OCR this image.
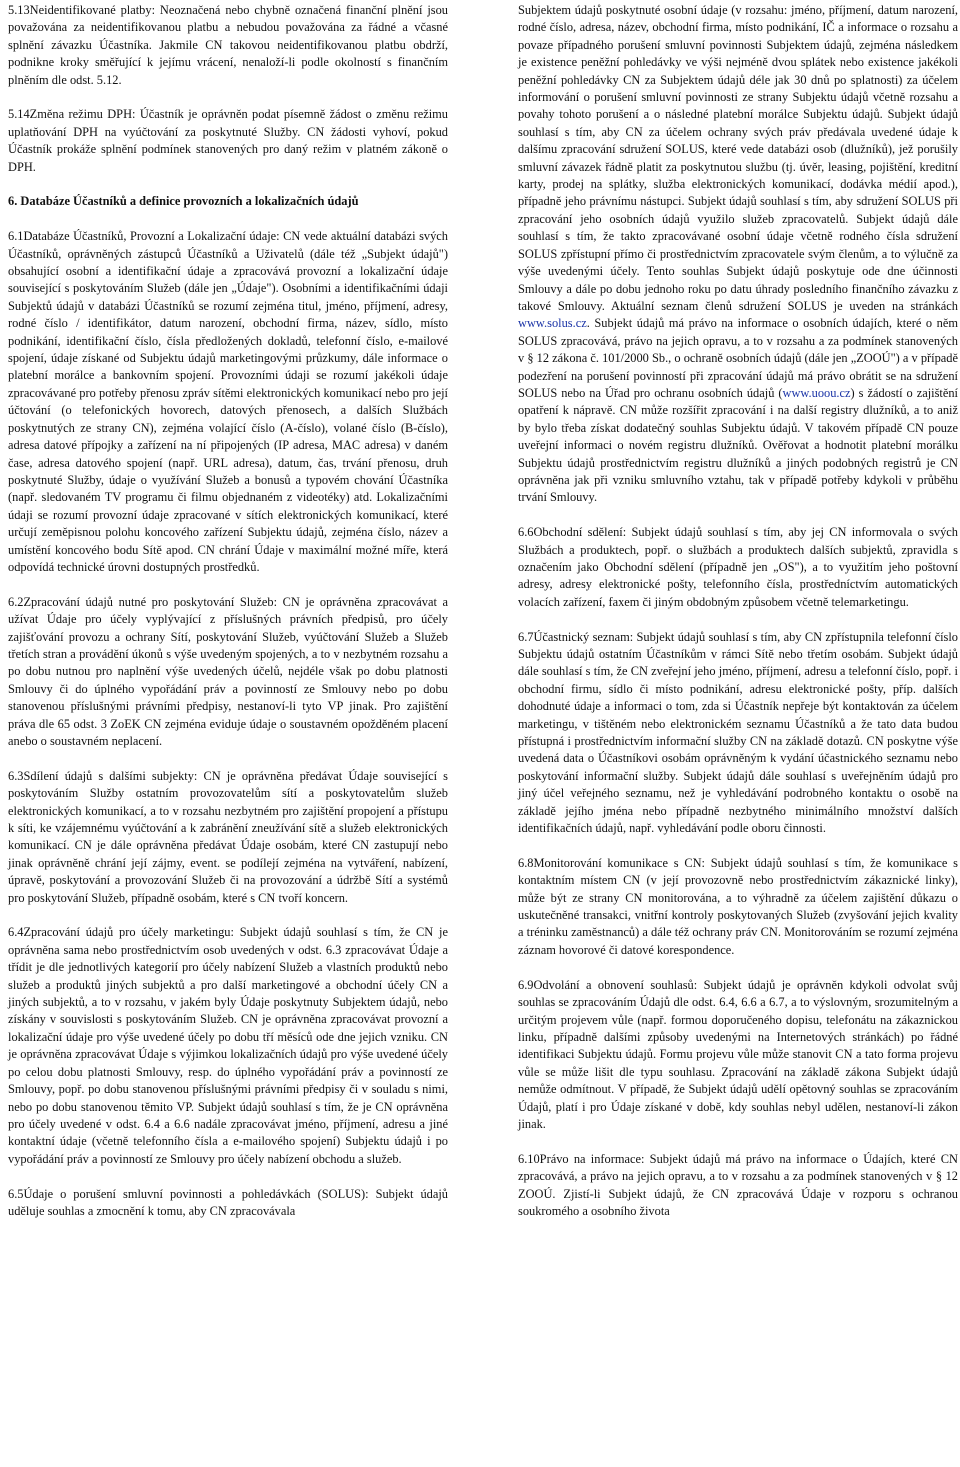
5.13Neidentifikované platby: Neoznačená nebo chybně označená finanční plnění jsou považována za neidentifikovanou platbu a nebudou považována za řádné a včasné splnění závazku Účastníka. Jakmile CN takovou neidentifikovanou platbu obdrží, podnikne kroky směřující k jejímu vrácení, nenaloží-li podle okolností s finančním plněním dle odst. 5.12.

5.14Změna režimu DPH: Účastník je oprávněn podat písemně žádost o změnu režimu uplatňování DPH na vyúčtování za poskytnuté Služby. CN žádosti vyhoví, pokud Účastník prokáže splnění podmínek stanovených pro daný režim v platném zákoně o DPH.

6. Databáze Účastníků a definice provozních a lokalizačních údajů

6.1Databáze Účastníků, Provozní a Lokalizační údaje: CN vede aktuální databázi svých Účastníků, oprávněných zástupců Účastníků a Uživatelů (dále též „Subjekt údajů") obsahující osobní a identifikační údaje a zpracovává provozní a lokalizační údaje související s poskytováním Služeb (dále jen „Údaje"). Osobními a identifikačními údaji Subjektů údajů v databázi Účastníků se rozumí zejména titul, jméno, příjmení, adresy, rodné číslo / identifikátor, datum narození, obchodní firma, název, sídlo, místo podnikání, identifikační číslo, čísla předložených dokladů, telefonní číslo, e-mailové spojení, údaje získané od Subjektu údajů marketingovými průzkumy, dále informace o platební morálce a bankovním spojení. Provozními údaji se rozumí jakékoli údaje zpracovávané pro potřeby přenosu zpráv sítěmi elektronických komunikací nebo pro její účtování (o telefonických hovorech, datových přenosech, a dalších Službách poskytnutých ze strany CN), zejména volající číslo (A-číslo), volané číslo (B-číslo), adresa datové přípojky a zařízení na ní připojených (IP adresa, MAC adresa) v daném čase, adresa datového spojení (např. URL adresa), datum, čas, trvání přenosu, druh poskytnuté Služby, údaje o využívání Služeb a bonusů a typovém chování Účastníka (např. sledovaném TV programu či filmu objednaném z videotéky) atd. Lokalizačními údaji se rozumí provozní údaje zpracované v sítích elektronických komunikací, které určují zeměpisnou polohu koncového zařízení Subjektu údajů, zejména číslo, název a umístění koncového bodu Sítě apod. CN chrání Údaje v maximální možné míře, která odpovídá technické úrovni dostupných prostředků.

6.2Zpracování údajů nutné pro poskytování Služeb: CN je oprávněna zpracovávat a užívat Údaje pro účely vyplývající z příslušných právních předpisů, pro účely zajišťování provozu a ochrany Sítí, poskytování Služeb, vyúčtování Služeb a Služeb třetích stran a provádění úkonů s výše uvedeným spojených, a to v nezbytném rozsahu a po dobu nutnou pro naplnění výše uvedených účelů, nejdéle však po dobu platnosti Smlouvy či do úplného vypořádání práv a povinností ze Smlouvy nebo po dobu stanovenou příslušnými právními předpisy, nestanoví-li tyto VP jinak. Pro zajištění práva dle 65 odst. 3 ZoEK CN zejména eviduje údaje o soustavném opožděném placení anebo o soustavném neplacení.

6.3Sdílení údajů s dalšími subjekty: CN je oprávněna předávat Údaje související s poskytováním Služby ostatním provozovatelům sítí a poskytovatelům služeb elektronických komunikací, a to v rozsahu nezbytném pro zajištění propojení a přístupu k síti, ke vzájemnému vyúčtování a k zabránění zneužívání sítě a služeb elektronických komunikací. CN je dále oprávněna předávat Údaje osobám, které CN zastupují nebo jinak oprávněně chrání její zájmy, event. se podílejí zejména na vytváření, nabízení, úpravě, poskytování a provozování Služeb či na provozování a údržbě Sítí a systémů pro poskytování Služeb, případně osobám, které s CN tvoří koncern.

6.4Zpracování údajů pro účely marketingu: Subjekt údajů souhlasí s tím, že CN je oprávněna sama nebo prostřednictvím osob uvedených v odst. 6.3 zpracovávat Údaje a třídit je dle jednotlivých kategorií pro účely nabízení Služeb a vlastních produktů nebo služeb a produktů jiných subjektů a pro další marketingové a obchodní účely CN a jiných subjektů, a to v rozsahu, v jakém byly Údaje poskytnuty Subjektem údajů, nebo získány v souvislosti s poskytováním Služeb. CN je oprávněna zpracovávat provozní a lokalizační údaje pro výše uvedené účely po dobu tří měsíců ode dne jejich vzniku. CN je oprávněna zpracovávat Údaje s výjimkou lokalizačních údajů pro výše uvedené účely po celou dobu platnosti Smlouvy, resp. do úplného vypořádání práv a povinností ze Smlouvy, popř. po dobu stanovenou příslušnými právními předpisy či v souladu s nimi, nebo po dobu stanovenou těmito VP. Subjekt údajů souhlasí s tím, že je CN oprávněna pro účely uvedené v odst. 6.4 a 6.6 nadále zpracovávat jméno, příjmení, adresu a jiné kontaktní údaje (včetně telefonního čísla a e-mailového spojení) Subjektu údajů i po vypořádání práv a povinností ze Smlouvy pro účely nabízení obchodu a služeb.

6.5Údaje o porušení smluvní povinnosti a pohledávkách (SOLUS): Subjekt údajů uděluje souhlas a zmocnění k tomu, aby CN zpracovávala

Subjektem údajů poskytnuté osobní údaje (v rozsahu: jméno, příjmení, datum narození, rodné číslo, adresa, název, obchodní firma, místo podnikání, IČ a informace o rozsahu a povaze případného porušení smluvní povinnosti Subjektem údajů, zejména následkem je existence peněžní pohledávky ve výši nejméně dvou splátek nebo existence jakékoli peněžní pohledávky CN za Subjektem údajů déle jak 30 dnů po splatnosti) za účelem informování o porušení smluvní povinnosti ze strany Subjektu údajů včetně rozsahu a povahy tohoto porušení a o následné platební morálce Subjektu údajů. Subjekt údajů souhlasí s tím, aby CN za účelem ochrany svých práv předávala uvedené údaje k dalšímu zpracování sdružení SOLUS, které vede databázi osob (dlužníků), jež porušily smluvní závazek řádně platit za poskytnutou službu (tj. úvěr, leasing, pojištění, kreditní karty, prodej na splátky, služba elektronických komunikací, dodávka médií apod.), případně jeho právnímu nástupci. Subjekt údajů souhlasí s tím, aby sdružení SOLUS při zpracování jeho osobních údajů využilo služeb zpracovatelů. Subjekt údajů dále souhlasí s tím, že takto zpracovávané osobní údaje včetně rodného čísla sdružení SOLUS zpřístupní přímo či prostřednictvím zpracovatele svým členům, a to výlučně za výše uvedenými účely. Tento souhlas Subjekt údajů poskytuje ode dne účinnosti Smlouvy a dále po dobu jednoho roku po datu úhrady posledního finančního závazku z takové Smlouvy. Aktuální seznam členů sdružení SOLUS je uveden na stránkách www.solus.cz. Subjekt údajů má právo na informace o osobních údajích, které o něm SOLUS zpracovává, právo na jejich opravu, a to v rozsahu a za podmínek stanovených v § 12 zákona č. 101/2000 Sb., o ochraně osobních údajů (dále jen „ZOOÚ") a v případě podezření na porušení povinností při zpracování údajů má právo obrátit se na sdružení SOLUS nebo na Úřad pro ochranu osobních údajů (www.uoou.cz) s žádostí o zajištění opatření k nápravě. CN může rozšířit zpracování i na další registry dlužníků, a to aniž by bylo třeba získat dodatečný souhlas Subjektu údajů. V takovém případě CN pouze uveřejní informaci o novém registru dlužníků. Ověřovat a hodnotit platební morálku Subjektu údajů prostřednictvím registru dlužníků a jiných podobných registrů je CN oprávněna jak při vzniku smluvního vztahu, tak v případě potřeby kdykoli v průběhu trvání Smlouvy.

6.6Obchodní sdělení: Subjekt údajů souhlasí s tím, aby jej CN informovala o svých Službách a produktech, popř. o službách a produktech dalších subjektů, zpravidla s označením jako Obchodní sdělení (případně jen „OS"), a to využitím jeho poštovní adresy, adresy elektronické pošty, telefonního čísla, prostředníctvím automatických volacích zařízení, faxem či jiným obdobným způsobem včetně telemarketingu.

6.7Účastnický seznam: Subjekt údajů souhlasí s tím, aby CN zpřístupnila telefonní číslo Subjektu údajů ostatním Účastníkům v rámci Sítě nebo třetím osobám. Subjekt údajů dále souhlasí s tím, že CN zveřejní jeho jméno, příjmení, adresu a telefonní číslo, popř. i obchodní firmu, sídlo či místo podnikání, adresu elektronické pošty, příp. dalších dohodnuté údaje a informaci o tom, zda si Účastník nepřeje být kontaktován za účelem marketingu, v tištěném nebo elektronickém seznamu Účastníků a že tato data budou přístupná i prostřednictvím informační služby CN na základě dotazů. CN poskytne výše uvedená data o Účastníkovi osobám oprávněným k vydání účastnického seznamu nebo poskytování informační služby. Subjekt údajů dále souhlasí s uveřejněním údajů pro jiný účel veřejného seznamu, než je vyhledávání podrobného kontaktu o osobě na základě jejího jména nebo případně nezbytného minimálního množství dalších identifikačních údajů, např. vyhledávání podle oboru činnosti.

6.8Monitorování komunikace s CN: Subjekt údajů souhlasí s tím, že komunikace s kontaktním místem CN (v její provozovně nebo prostřednictvím zákaznické linky), může být ze strany CN monitorována, a to výhradně za účelem zajištění důkazu o uskutečněné transakci, vnitřní kontroly poskytovaných Služeb (zvyšování jejich kvality a tréninku zaměstnanců) a dále též ochrany práv CN. Monitorováním se rozumí zejména záznam hovorové či datové korespondence.

6.9Odvolání a obnovení souhlasů: Subjekt údajů je oprávněn kdykoli odvolat svůj souhlas se zpracováním Údajů dle odst. 6.4, 6.6 a 6.7, a to výslovným, srozumitelným a určitým projevem vůle (např. formou doporučeného dopisu, telefonátu na zákaznickou linku, případně dalšími způsoby uvedenými na Internetových stránkách) po řádné identifikaci Subjektu údajů. Formu projevu vůle může stanovit CN a tato forma projevu vůle se může lišit dle typu souhlasu. Zpracování na základě zákona Subjekt údajů nemůže odmítnout. V případě, že Subjekt údajů udělí opětovný souhlas se zpracováním Údajů, platí i pro Údaje získané v době, kdy souhlas nebyl udělen, nestanoví-li zákon jinak.

6.10Právo na informace: Subjekt údajů má právo na informace o Údajích, které CN zpracovává, a právo na jejich opravu, a to v rozsahu a za podmínek stanovených v § 12 ZOOÚ. Zjistí-li Subjekt údajů, že CN zpracovává Údaje v rozporu s ochranou soukromého a osobního života
